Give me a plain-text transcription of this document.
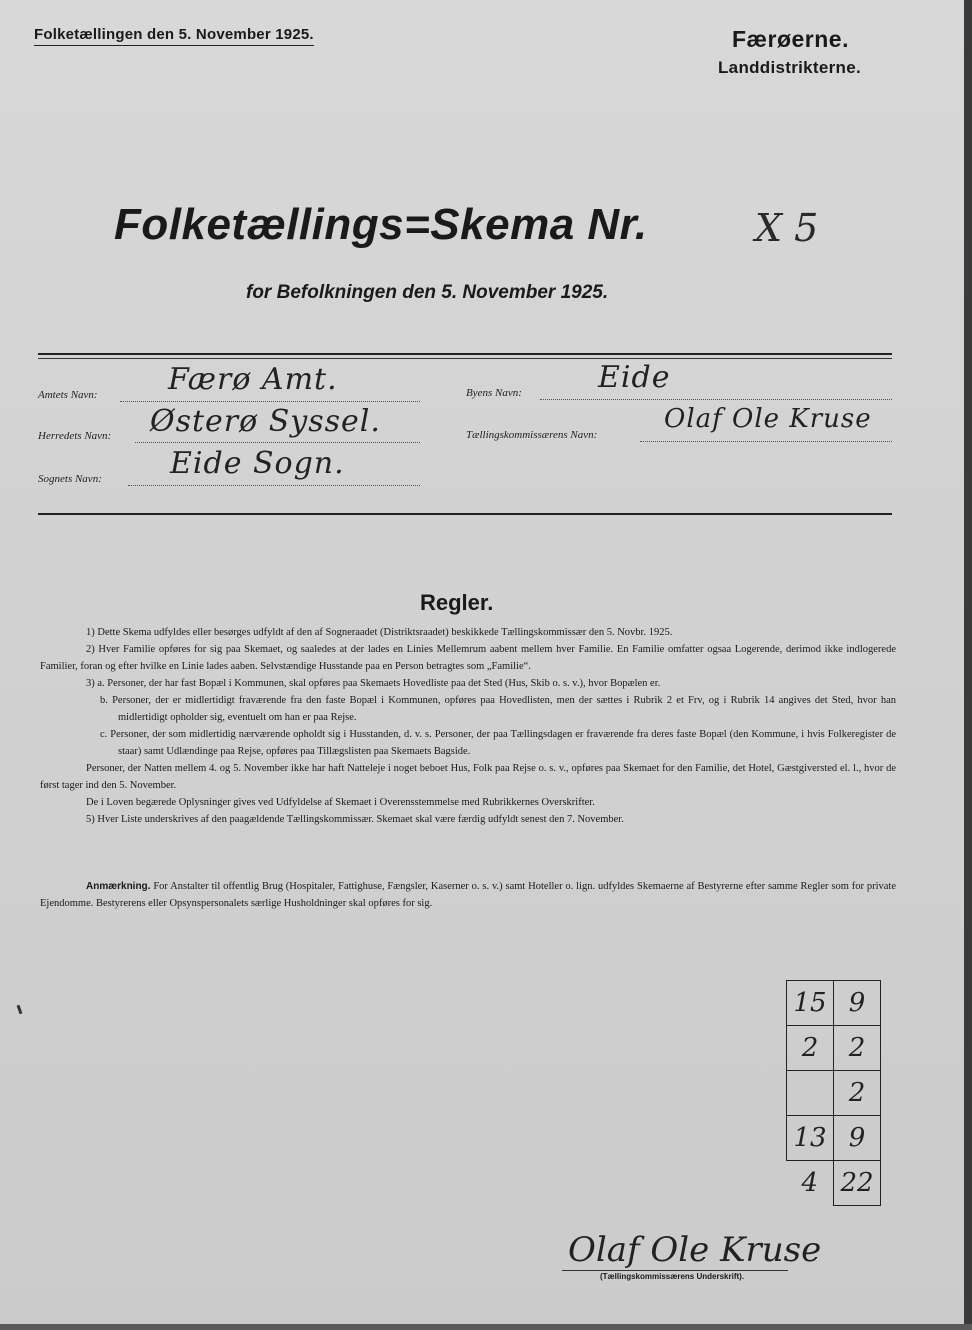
Folketællingen den 5. November 1925.	Færøerne.
Landdistrikterne.
Folketællings=Skema Nr.	X 5
for Befolkningen den 5. November 1925.
Amtets Navn: Færø Amt.
Herredets Navn: Østerø Syssel.
Sognets Navn: Eide Sogn.
Byens Navn:	Eide
Tællingskommissærens Navn:
Olaf Ole Kruse
Regler.

1) Dette Skema udfyldes eller besørges udfyldt af den af Sogneraadet (Distriktsraadet) beskikkede Tællingskommissær den 5. Novbr. 1925.

2) Hver Familie opføres for sig paa Skemaet, og saaledes at der lades en Linies Mellemrum aabent mellem hver Familie. En Familie omfatter ogsaa Logerende, derimod ikke indlogerede Familier, foran og efter hvilke en Linie lades aaben. Selvstændige Husstande paa en Person betragtes som „Familie“.

3) a. Personer, der har fast Bopæl i Kommunen, skal opføres paa Skemaets Hovedliste paa det Sted (Hus, Skib o. s. v.), hvor Bopælen er.

b. Personer, der er midlertidigt fraværende fra den faste Bopæl i Kommunen, opføres paa Hovedlisten, men der sættes i Rubrik 2 et Frv, og i Rubrik 14 angives det Sted, hvor han midlertidigt opholder sig, eventuelt om han er paa Rejse.

c. Personer, der som midlertidig nærværende opholdt sig i Husstanden, d. v. s. Personer, der paa Tællingsdagen er fraværende fra deres faste Bopæl (den Kommune, i hvis Folkeregister de staar) samt Udlændinge paa Rejse, opføres paa Tillægslisten paa Skemaets Bagside.

Personer, der Natten mellem 4. og 5. November ikke har haft Natteleje i noget beboet Hus, Folk paa Rejse o. s. v., opføres paa Skemaet for den Familie, det Hotel, Gæstgiversted el. l., hvor de først tager ind den 5. November.

De i Loven begærede Oplysninger gives ved Udfyldelse af Skemaet i Overensstemmelse med Rubrikkernes Overskrifter.

5) Hver Liste underskrives af den paagældende Tællingskommissær. Skemaet skal være færdig udfyldt senest den 7. November.

Anmærkning. For Anstalter til offentlig Brug (Hospitaler, Fattighuse, Fængsler, Kaserner o. s. v.) samt Hoteller o. lign. udfyldes Skemaerne af Bestyrerne efter samme Regler som for private Ejendomme. Bestyrerens eller Opsynspersonalets særlige Husholdninger skal opføres for sig.
15	9
2	2
	2
13	9
4	22
Olaf Ole Kruse
(Tællingskommissærens Underskrift).
